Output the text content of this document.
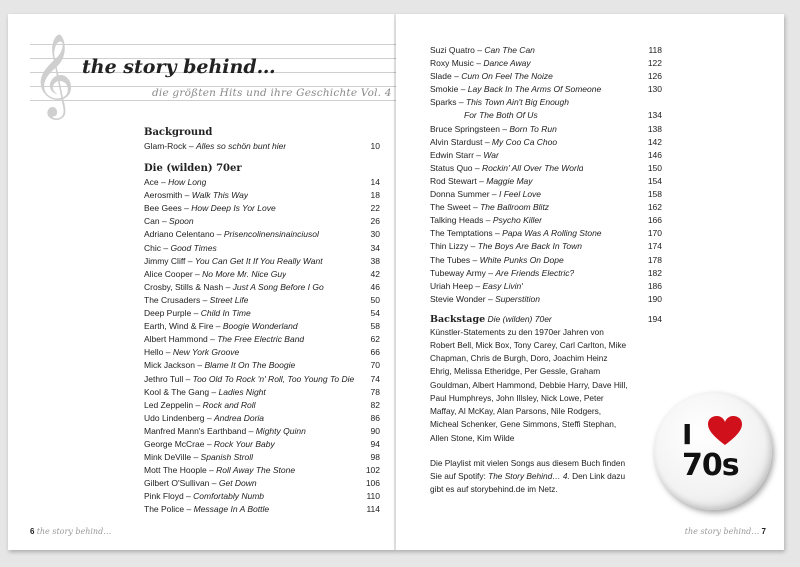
𝄞 the story behind…
die größten Hits und ihre Geschichte Vol. 4
Background
Glam-Rock – Alles so schön bunt hier	10
Die (wilden) 70er
Ace – How Long	14
Aerosmith – Walk This Way	18
Bee Gees – How Deep Is Yor Love	22
Can – Spoon	26
Adriano Celentano – Prisencolinensinainciusol	30
Chic – Good Times	34
Jimmy Cliff – You Can Get It If You Really Want	38
Alice Cooper – No More Mr. Nice Guy	42
Crosby, Stills & Nash – Just A Song Before I Go	46
The Crusaders – Street Life	50
Deep Purple – Child In Time	54
Earth, Wind & Fire – Boogie Wonderland	58
Albert Hammond – The Free Electric Band	62
Hello – New York Groove	66
Mick Jackson – Blame It On The Boogie	70
Jethro Tull – Too Old To Rock 'n' Roll, Too Young To Die	74
Kool & The Gang – Ladies Night	78
Led Zeppelin – Rock and Roll	82
Udo Lindenberg – Andrea Doria	86
Manfred Mann's Earthband – Mighty Quinn	90
George McCrae – Rock Your Baby	94
Mink DeVille – Spanish Stroll	98
Mott The Hoople – Roll Away The Stone	102
Gilbert O'Sullivan – Get Down	106
Pink Floyd – Comfortably Numb	110
The Police – Message In A Bottle	114
6 the story behind…
Suzi Quatro – Can The Can	118
Roxy Music – Dance Away	122
Slade – Cum On Feel The Noize	126
Smokie – Lay Back In The Arms Of Someone	130
Sparks – This Town Ain't Big Enough
For The Both Of Us	134
Bruce Springsteen – Born To Run	138
Alvin Stardust – My Coo Ca Choo	142
Edwin Starr – War	146
Status Quo – Rockin' All Over The World	150
Rod Stewart – Maggie May	154
Donna Summer – I Feel Love	158
The Sweet – The Ballroom Blitz	162
Talking Heads – Psycho Killer	166
The Temptations – Papa Was A Rolling Stone	170
Thin Lizzy – The Boys Are Back In Town	174
The Tubes – White Punks On Dope	178
Tubeway Army – Are Friends Electric?	182
Uriah Heep – Easy Livin'	186
Stevie Wonder – Superstition	190
Backstage Die (wilden) 70er	194
Künstler-Statements zu den 1970er Jahren von Robert Bell, Mick Box, Tony Carey, Carl Carlton, Mike Chapman, Chris de Burgh, Doro, Joachim Heinz Ehrig, Melissa Etheridge, Per Gessle, Graham Gouldman, Albert Hammond, Debbie Harry, Dave Hill, Paul Humphreys, John Illsley, Nick Lowe, Peter Maffay, Al McKay, Alan Parsons, Nile Rodgers, Micheal Schenker, Gene Simmons, Steffi Stephan, Allen Stone, Kim Wilde
Die Playlist mit vielen Songs aus diesem Buch finden Sie auf Spotify: The Story Behind… 4. Den Link dazu gibt es auf storybehind.de im Netz.
I
70s
the story behind… 7
